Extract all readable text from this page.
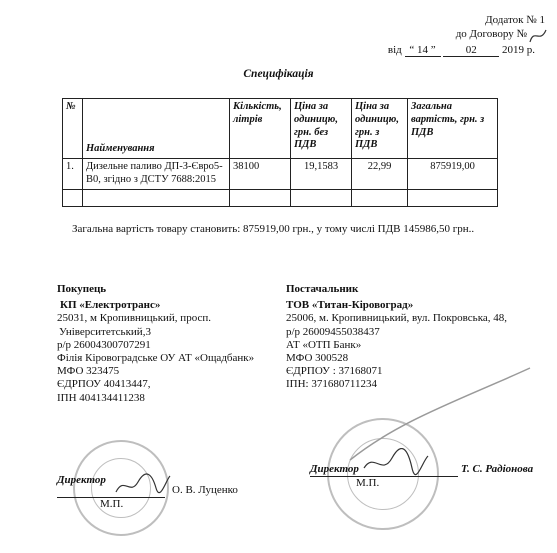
Додаток № 1
до Договору №
від “ 14 ”	02 2019 р.
Специфікація
№	Найменування	Кількість, літрів	Ціна за одиницю, грн. без ПДВ	Ціна за одиницю, грн. з ПДВ	Загальна вартість, грн. з ПДВ
1.	Дизельне паливо ДП-З-Євро5-В0, згідно з ДСТУ 7688:2015	38100	19,1583	22,99	875919,00

Загальна вартість товару становить: 875919,00 грн., у тому числі ПДВ 145986,50 грн..
Покупець
КП «Електротранс»
25031, м Кропивницький, просп.
Університетський,3
р/р 26004300707291
Філія Кіровоградське ОУ АТ «Ощадбанк»
МФО 323475
ЄДРПОУ 40413447,
ІПН 404134411238
Постачальник
ТОВ «Титан-Кіровоград»
25006, м. Кропивницький, вул. Покровська, 48,
р/р 26009455038437
АТ «ОТП Банк»
МФО 300528
ЄДРПОУ : 37168071
ІПН: 371680711234
Директор
О. В. Луценко
М.П.
Директор	Т. С. Радіонова
М.П.
